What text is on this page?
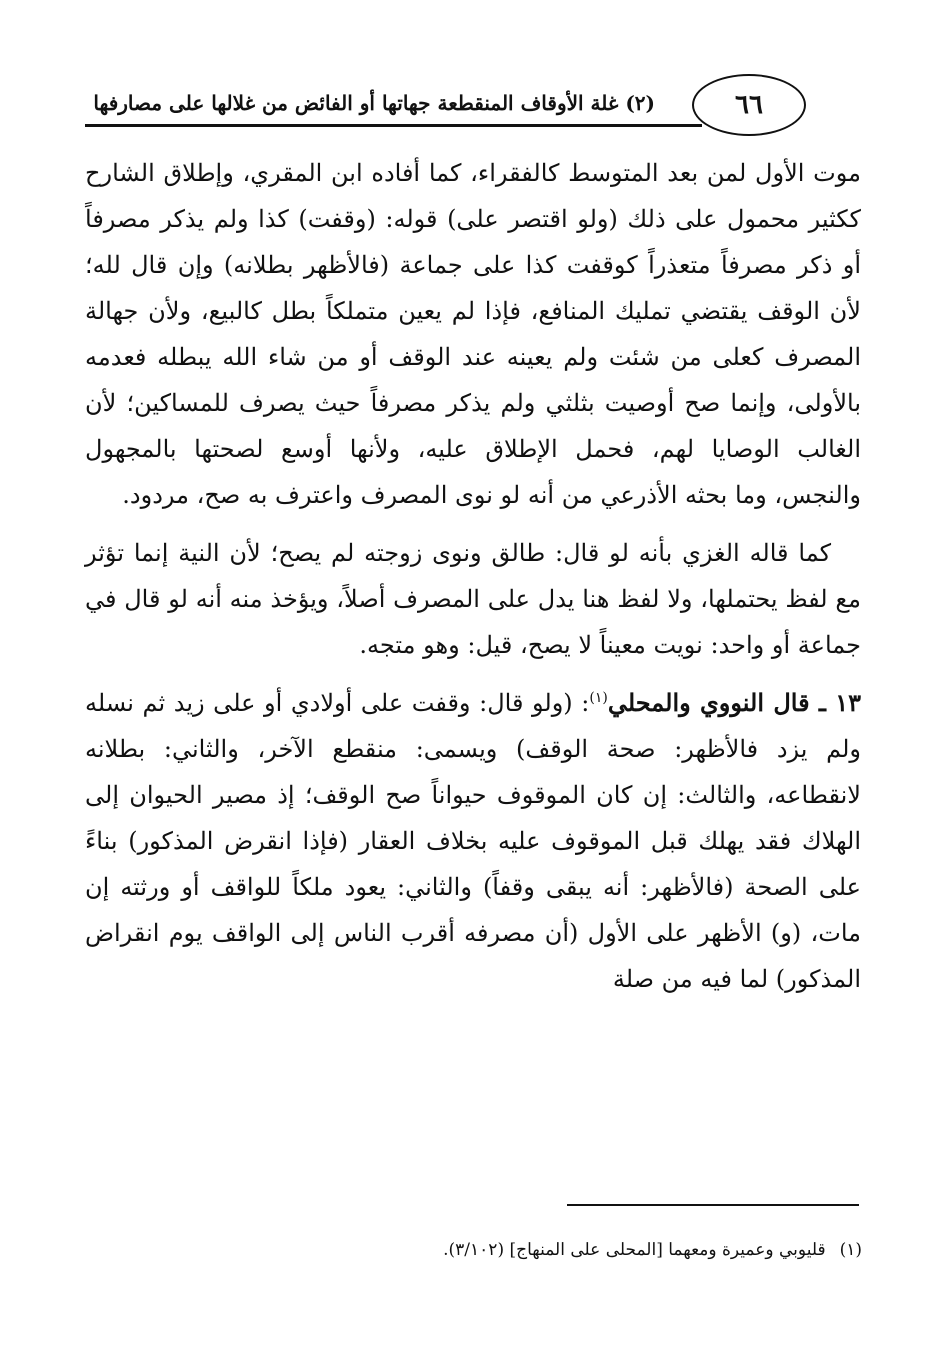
٦٦
(٢) غلة الأوقاف المنقطعة جهاتها أو الفائض من غلالها على مصارفها

موت الأول لمن بعد المتوسط كالفقراء، كما أفاده ابن المقري، وإطلاق الشارح ككثير محمول على ذلك (ولو اقتصر على) قوله: (وقفت) كذا ولم يذكر مصرفاً أو ذكر مصرفاً متعذراً كوقفت كذا على جماعة (فالأظهر بطلانه) وإن قال لله؛ لأن الوقف يقتضي تمليك المنافع، فإذا لم يعين متملكاً بطل كالبيع، ولأن جهالة المصرف كعلى من شئت ولم يعينه عند الوقف أو من شاء الله يبطله فعدمه بالأولى، وإنما صح أوصيت بثلثي ولم يذكر مصرفاً حيث يصرف للمساكين؛ لأن الغالب الوصايا لهم، فحمل الإطلاق عليه، ولأنها أوسع لصحتها بالمجهول والنجس، وما بحثه الأذرعي من أنه لو نوى المصرف واعترف به صح، مردود.

كما قاله الغزي بأنه لو قال: طالق ونوى زوجته لم يصح؛ لأن النية إنما تؤثر مع لفظ يحتملها، ولا لفظ هنا يدل على المصرف أصلاً، ويؤخذ منه أنه لو قال في جماعة أو واحد: نويت معيناً لا يصح، قيل: وهو متجه.

١٣ ـ قال النووي والمحلي$^{(١)}$: (ولو قال: وقفت على أولادي أو على زيد ثم نسله ولم يزد فالأظهر: صحة الوقف) ويسمى: منقطع الآخر، والثاني: بطلانه لانقطاعه، والثالث: إن كان الموقوف حيواناً صح الوقف؛ إذ مصير الحيوان إلى الهلاك فقد يهلك قبل الموقوف عليه بخلاف العقار (فإذا انقرض المذكور) بناءً على الصحة (فالأظهر: أنه يبقى وقفاً) والثاني: يعود ملكاً للواقف أو ورثته إن مات، (و) الأظهر على الأول (أن مصرفه أقرب الناس إلى الواقف يوم انقراض المذكور) لما فيه من صلة

(١)قليوبي وعميرة ومعهما [المحلى على المنهاج] (٣/١٠٢).
